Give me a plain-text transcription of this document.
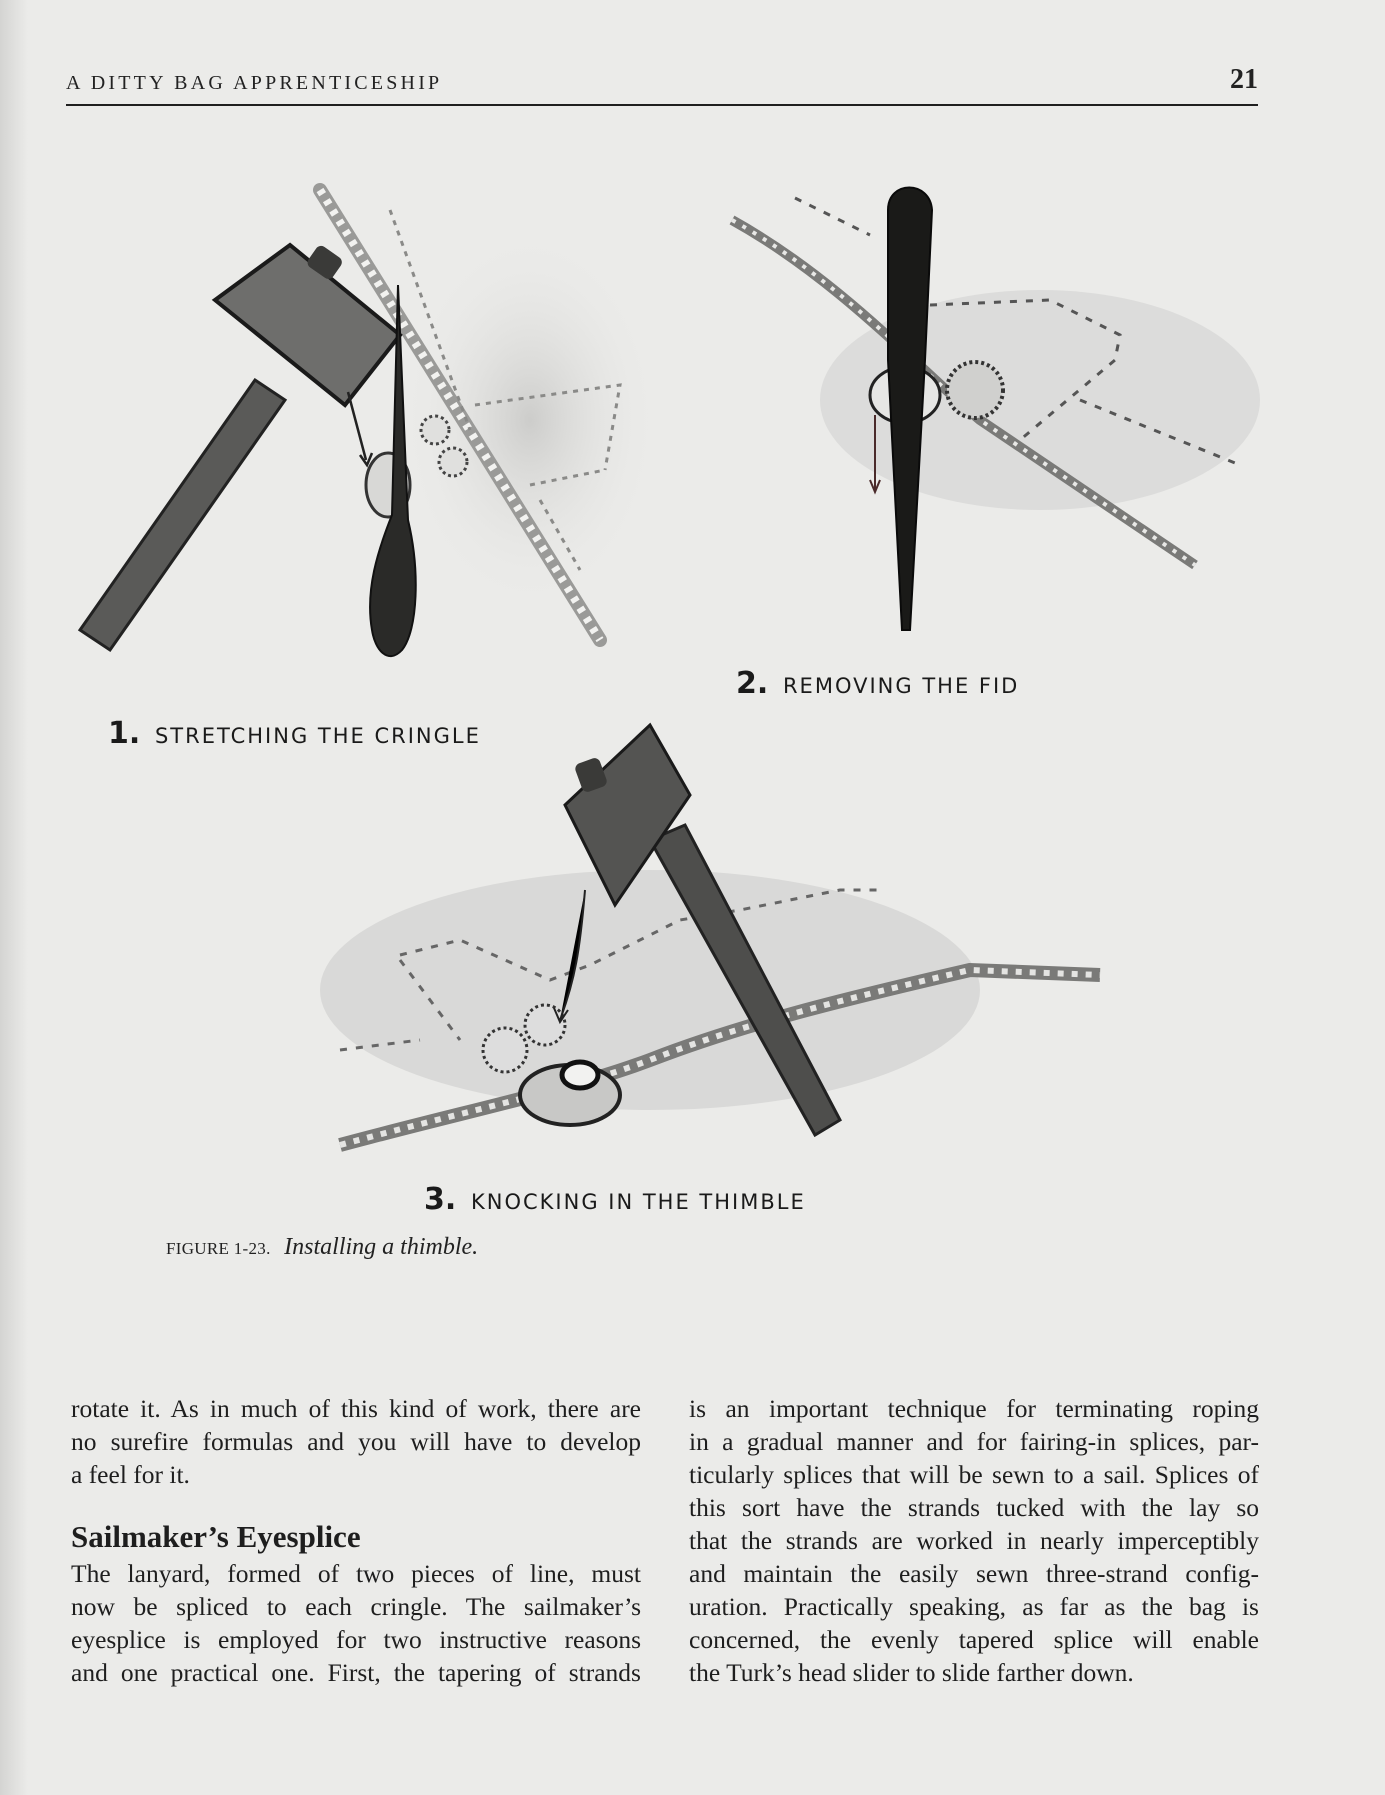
A DITTY BAG APPRENTICESHIP	21
1. STRETCHING THE CRINGLE
2. REMOVING THE FID
3. KNOCKING IN THE THIMBLE
FIGURE 1-23. Installing a thimble.

rotate it. As in much of this kind of work, there are
no surefire formulas and you will have to develop
a feel for it.

Sailmaker’s Eyesplice

The lanyard, formed of two pieces of line, must
now be spliced to each cringle. The sailmaker’s
eyesplice is employed for two instructive reasons
and one practical one. First, the tapering of strands

is an important technique for terminating roping
in a gradual manner and for fairing-in splices, par-
ticularly splices that will be sewn to a sail. Splices of
this sort have the strands tucked with the lay so
that the strands are worked in nearly imperceptibly
and maintain the easily sewn three-strand config-
uration. Practically speaking, as far as the bag is
concerned, the evenly tapered splice will enable
the Turk’s head slider to slide farther down.
